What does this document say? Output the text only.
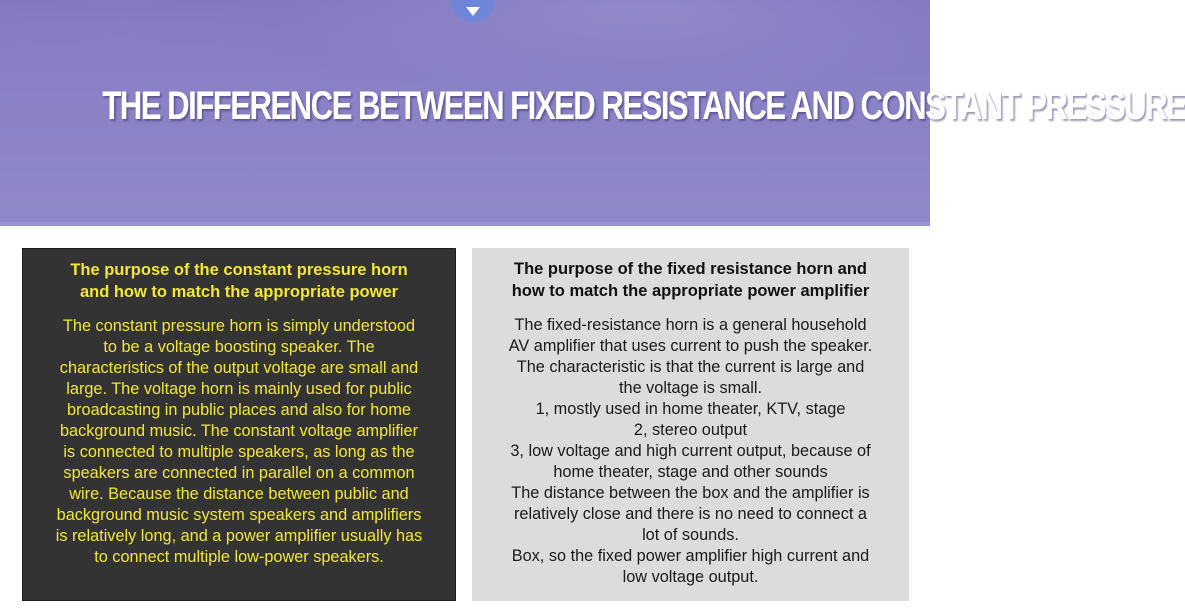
THE DIFFERENCE BETWEEN FIXED RESISTANCE AND CONSTANT PRESSURE
The purpose of the constant pressure horn
and how to match the appropriate power
The constant pressure horn is simply understood
to be a voltage boosting speaker. The
characteristics of the output voltage are small and
large. The voltage horn is mainly used for public
broadcasting in public places and also for home
background music. The constant voltage amplifier
is connected to multiple speakers, as long as the
speakers are connected in parallel on a common
wire. Because the distance between public and
background music system speakers and amplifiers
is relatively long, and a power amplifier usually has
to connect multiple low-power speakers.
The purpose of the fixed resistance horn and
how to match the appropriate power amplifier
The fixed-resistance horn is a general household
AV amplifier that uses current to push the speaker.
The characteristic is that the current is large and
the voltage is small.
1, mostly used in home theater, KTV, stage
2, stereo output
3, low voltage and high current output, because of
home theater, stage and other sounds
The distance between the box and the amplifier is
relatively close and there is no need to connect a
lot of sounds.
Box, so the fixed power amplifier high current and
low voltage output.
